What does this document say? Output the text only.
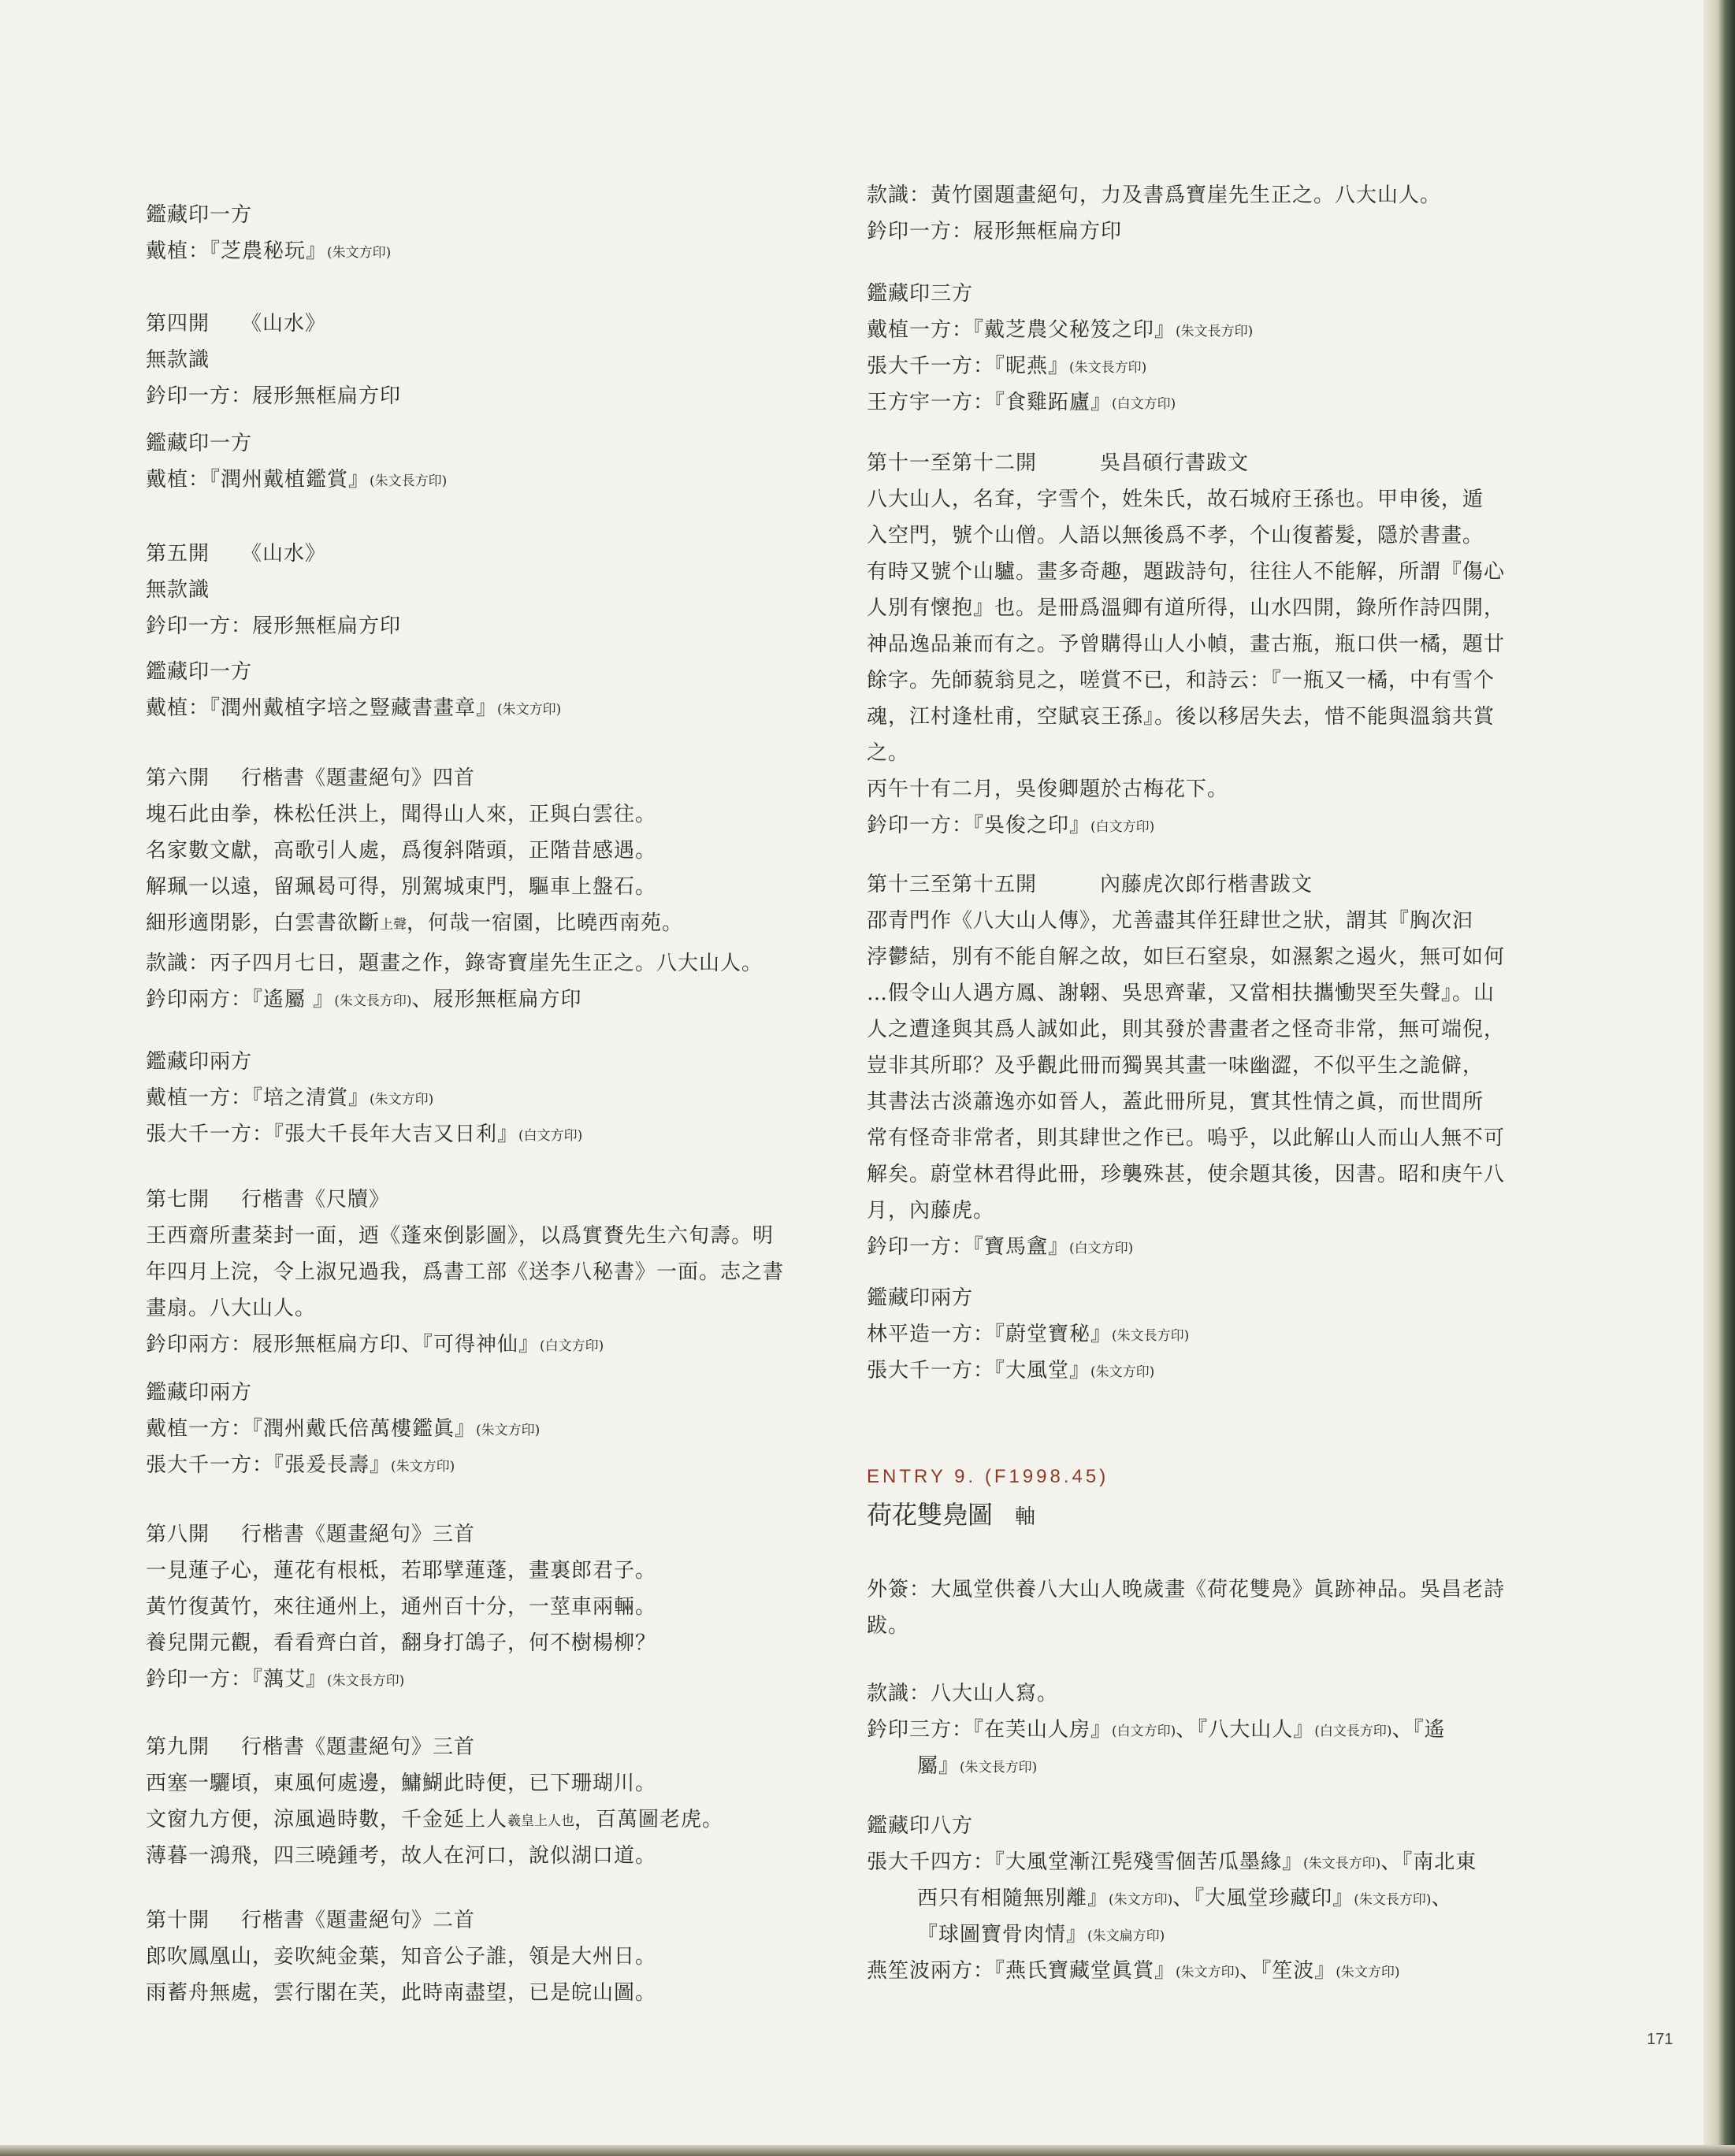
鑑藏印一方
戴植：『芝農秘玩』(朱文方印)
第四開 《山水》
無款識
鈐印一方：屐形無框扁方印
鑑藏印一方
戴植：『潤州戴植鑑賞』(朱文長方印)
第五開 《山水》
無款識
鈐印一方：屐形無框扁方印
鑑藏印一方
戴植：『潤州戴植字培之豎藏書畫章』(朱文方印)
第六開 行楷書《題畫絕句》四首
塊石此由拳，株松任洪上，聞得山人來，正與白雲往。
名家數文獻，高歌引人處，爲復斜階頭，正階昔感遇。
解珮一以遠，留珮曷可得，別駕城東門，驅車上盤石。
細形適閉影，白雲書欲斷上聲，何哉一宿園，比曉西南苑。
款識：丙子四月七日，題畫之作，錄寄寶崖先生正之。八大山人。
鈐印兩方：『遙屬 』(朱文長方印)、屐形無框扁方印
鑑藏印兩方
戴植一方：『培之清賞』(朱文方印)
張大千一方：『張大千長年大吉又日利』(白文方印)
第七開 行楷書《尺牘》
王西齋所畫棻封一面，迺《蓬來倒影圖》，以爲實賚先生六旬壽。明
年四月上浣，令上淑兄過我，爲書工部《送李八秘書》一面。志之書
畫扇。八大山人。
鈐印兩方：屐形無框扁方印、『可得神仙』(白文方印)
鑑藏印兩方
戴植一方：『潤州戴氏倍萬樓鑑眞』(朱文方印)
張大千一方：『張爰長壽』(朱文方印)
第八開 行楷書《題畫絕句》三首
一見蓮子心，蓮花有根柢，若耶擘蓮蓬，畫裏郎君子。
黃竹復黃竹，來往通州上，通州百十分，一莖車兩輛。
養兒開元觀，看看齊白首，翻身打鴿子，何不樹楊柳？
鈐印一方：『蕅艾』(朱文長方印)
第九開 行楷書《題畫絕句》三首
西塞一驪頃，東風何處邊，鱅鰗此時便，已下珊瑚川。
文窗九方便，涼風過時數，千金延上人羲皇上人也，百萬圖老虎。
薄暮一鴻飛，四三曉鍾考，故人在河口，說似湖口道。
第十開 行楷書《題畫絕句》二首
郎吹鳳凰山，妾吹純金葉，知音公子誰，領是大州日。
雨蓄舟無處，雲行閣在芙，此時南盡望，已是皖山圖。
款識：黃竹園題畫絕句，力及書爲寶崖先生正之。八大山人。
鈐印一方：屐形無框扁方印
鑑藏印三方
戴植一方：『戴芝農父秘笈之印』(朱文長方印)
張大千一方：『昵燕』(朱文長方印)
王方宇一方：『食雞跖廬』(白文方印)
第十一至第十二開	吳昌碩行書跋文
八大山人，名耷，字雪个，姓朱氏，故石城府王孫也。甲申後，遁
入空門，號个山僧。人語以無後爲不孝，个山復蓄髮，隱於書畫。
有時又號个山驢。畫多奇趣，題跋詩句，往往人不能解，所謂『傷心
人別有懷抱』也。是冊爲溫卿有道所得，山水四開，錄所作詩四開，
神品逸品兼而有之。予曾購得山人小幀，畫古瓶，瓶口供一橘，題廿
餘字。先師藐翁見之，嗟賞不已，和詩云：『一瓶又一橘，中有雪个
魂，江村逢杜甫，空賦哀王孫』。後以移居失去，惜不能與溫翁共賞
之。
丙午十有二月，吳俊卿題於古梅花下。
鈐印一方：『吳俊之印』(白文方印)
第十三至第十五開	內藤虎次郎行楷書跋文
邵青門作《八大山人傳》，尤善盡其佯狂肆世之狀，謂其『胸次汩
浡鬱結，別有不能自解之故，如巨石窒泉，如濕絮之遏火，無可如何
…假令山人遇方鳳、謝翺、吳思齊輩，又當相扶攜慟哭至失聲』。山
人之遭逢與其爲人誠如此，則其發於書畫者之怪奇非常，無可端倪，
豈非其所耶？及乎觀此冊而獨異其畫一味幽澀，不似平生之詭僻，
其書法古淡蕭逸亦如晉人，蓋此冊所見，實其性情之眞，而世間所
常有怪奇非常者，則其肆世之作已。嗚乎，以此解山人而山人無不可
解矣。蔚堂林君得此冊，珍襲殊甚，使余題其後，因書。昭和庚午八
月，內藤虎。
鈐印一方：『寶馬盦』(白文方印)
鑑藏印兩方
林平造一方：『蔚堂寶秘』(朱文長方印)
張大千一方：『大風堂』(朱文方印)
ENTRY 9. (F1998.45)
荷花雙鳧圖 軸
外簽：大風堂供養八大山人晚歲畫《荷花雙鳧》眞跡神品。吳昌老詩
跋。
款識：八大山人寫。
鈐印三方：『在芙山人房』(白文方印)、『八大山人』(白文長方印)、『遙
屬』(朱文長方印)
鑑藏印八方
張大千四方：『大風堂漸江髡殘雪個苦瓜墨緣』(朱文長方印)、『南北東
西只有相隨無別離』(朱文方印)、『大風堂珍藏印』(朱文長方印)、
『球圖寶骨肉情』(朱文扁方印)
燕笙波兩方：『燕氏寶藏堂眞賞』(朱文方印)、『笙波』(朱文方印)
171
